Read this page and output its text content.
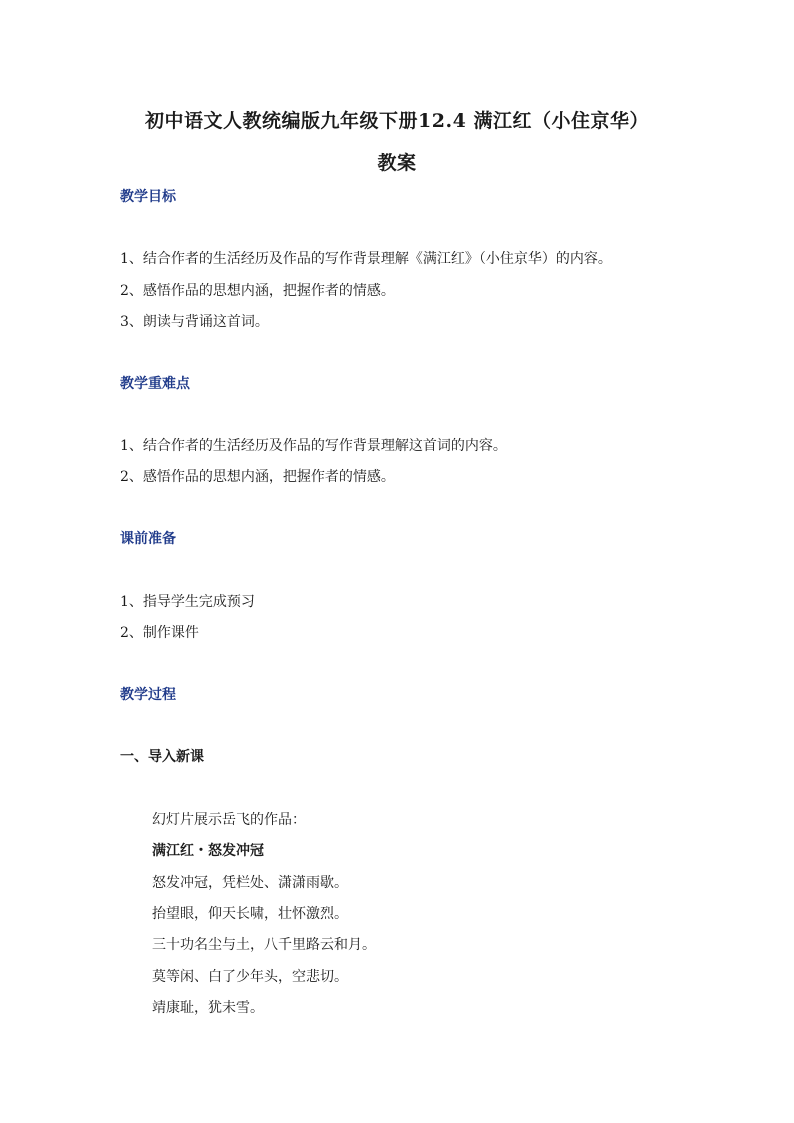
初中语文人教统编版九年级下册12.4 满江红（小住京华）
教案
教学目标
1、结合作者的生活经历及作品的写作背景理解《满江红》（小住京华）的内容。
2、感悟作品的思想内涵，把握作者的情感。
3、朗读与背诵这首词。
教学重难点
1、结合作者的生活经历及作品的写作背景理解这首词的内容。
2、感悟作品的思想内涵，把握作者的情感。
课前准备
1、指导学生完成预习
2、制作课件
教学过程
一、导入新课
幻灯片展示岳飞的作品：
满江红・怒发冲冠
怒发冲冠，凭栏处、潇潇雨歇。
抬望眼，仰天长啸，壮怀激烈。
三十功名尘与土，八千里路云和月。
莫等闲、白了少年头，空悲切。
靖康耻，犹未雪。
